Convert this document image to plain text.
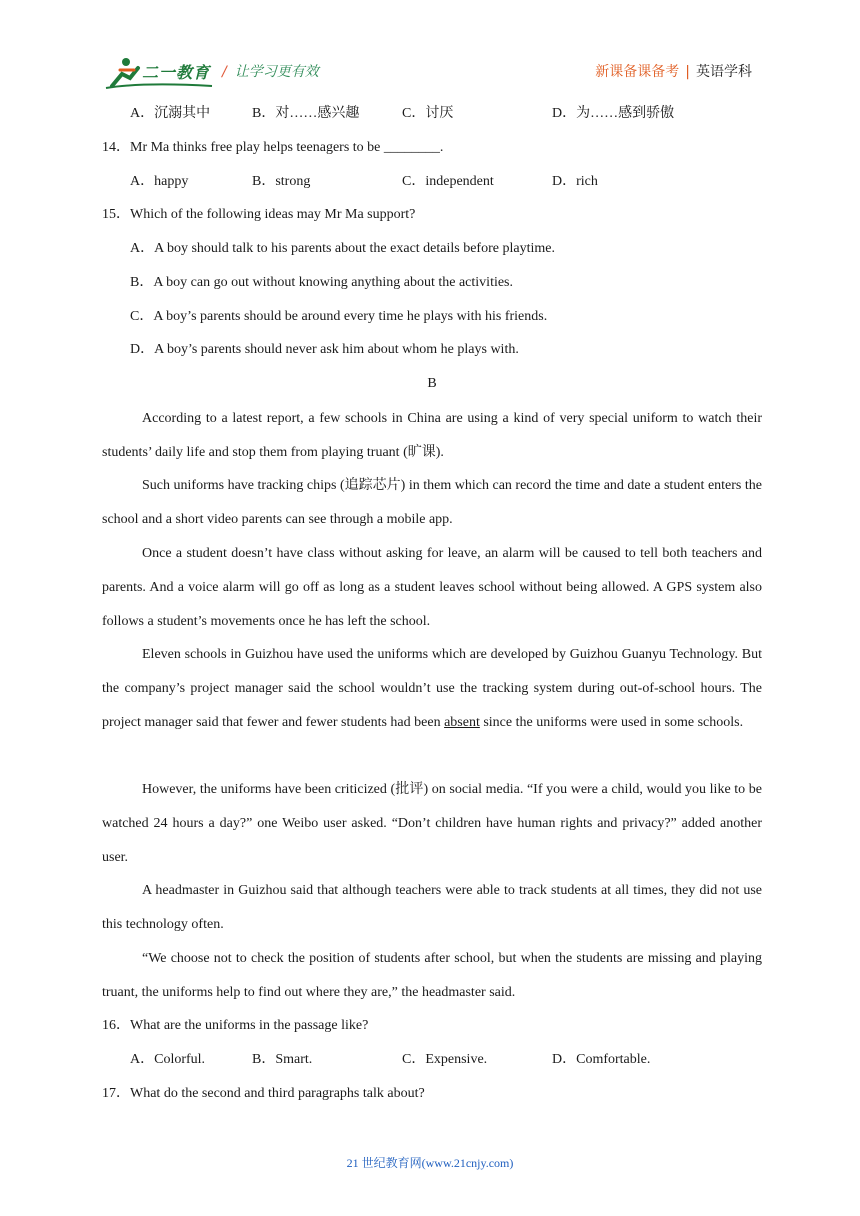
二一教育 / 让学习更有效	新课备课备考 | 英语学科
A．沉溺其中	B．对……感兴趣	C．讨厌	D．为……感到骄傲
14．Mr Ma thinks free play helps teenagers to be ________.
A．happy	B．strong	C．independent	D．rich
15．Which of the following ideas may Mr Ma support?
A．A boy should talk to his parents about the exact details before playtime.
B．A boy can go out without knowing anything about the activities.
C．A boy’s parents should be around every time he plays with his friends.
D．A boy’s parents should never ask him about whom he plays with.
B

According to a latest report, a few schools in China are using a kind of very special uniform to watch their students’ daily life and stop them from playing truant (旷课).

Such uniforms have tracking chips (追踪芯片) in them which can record the time and date a student enters the school and a short video parents can see through a mobile app.

Once a student doesn’t have class without asking for leave, an alarm will be caused to tell both teachers and parents. And a voice alarm will go off as long as a student leaves school without being allowed. A GPS system also follows a student’s movements once he has left the school.

Eleven schools in Guizhou have used the uniforms which are developed by Guizhou Guanyu Technology. But the company’s project manager said the school wouldn’t use the tracking system during out-of-school hours. The project manager said that fewer and fewer students had been absent since the uniforms were used in some schools.

However, the uniforms have been criticized (批评) on social media. “If you were a child, would you like to be watched 24 hours a day?” one Weibo user asked. “Don’t children have human rights and privacy?” added another user.

A headmaster in Guizhou said that although teachers were able to track students at all times, they did not use this technology often.

“We choose not to check the position of students after school, but when the students are missing and playing truant, the uniforms help to find out where they are,” the headmaster said.

16．What are the uniforms in the passage like?
A．Colorful.	B．Smart.	C．Expensive.	D．Comfortable.
17．What do the second and third paragraphs talk about?
21 世纪教育网(www.21cnjy.com)
